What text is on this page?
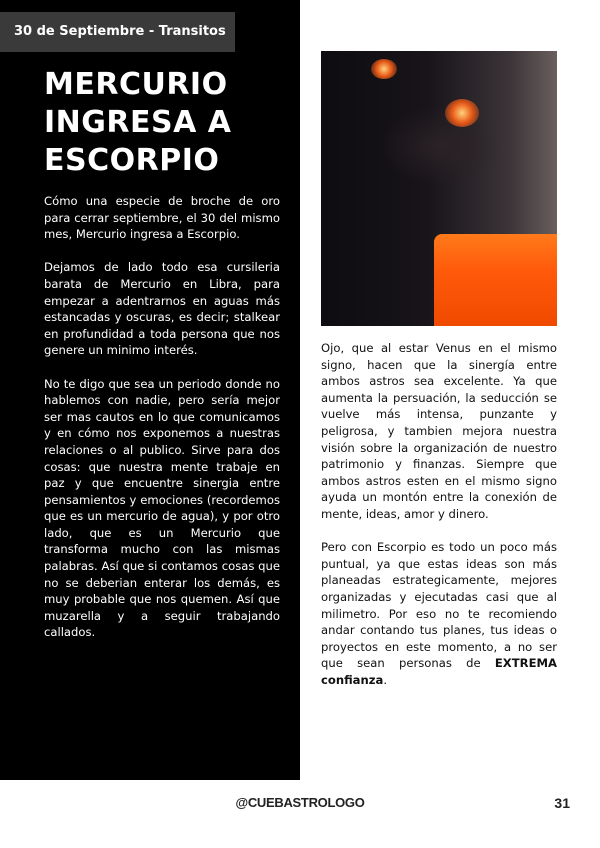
30 de Septiembre - Transitos
MERCURIO
INGRESA A
ESCORPIO

Cómo una especie de broche de oro para cerrar septiembre, el 30 del mismo mes, Mercurio ingresa a Escorpio.

Dejamos de lado todo esa cursileria barata de Mercurio en Libra, para empezar a adentrarnos en aguas más estancadas y oscuras, es decir; stalkear en profundidad a toda persona que nos genere un minimo interés.

No te digo que sea un periodo donde no hablemos con nadie, pero sería mejor ser mas cautos en lo que comunicamos y en cómo nos exponemos a nuestras relaciones o al publico. Sirve para dos cosas: que nuestra mente trabaje en paz y que encuentre sinergia entre pensamientos y emociones (recordemos que es un mercurio de agua), y por otro lado, que es un Mercurio que transforma mucho con las mismas palabras. Así que si contamos cosas que no se deberian enterar los demás, es muy probable que nos quemen. Así que muzarella y a seguir trabajando callados.

Ojo, que al estar Venus en el mismo signo, hacen que la sinergía entre ambos astros sea excelente. Ya que aumenta la persuación, la seducción se vuelve más intensa, punzante y peligrosa, y tambien mejora nuestra visión sobre la organización de nuestro patrimonio y finanzas. Siempre que ambos astros esten en el mismo signo ayuda un montón entre la conexión de mente, ideas, amor y dinero.

Pero con Escorpio es todo un poco más puntual, ya que estas ideas son más planeadas estrategicamente, mejores organizadas y ejecutadas casi que al milimetro. Por eso no te recomiendo andar contando tus planes, tus ideas o proyectos en este momento, a no ser que sean personas de EXTREMA confianza.

@CUEBASTROLOGO	31
